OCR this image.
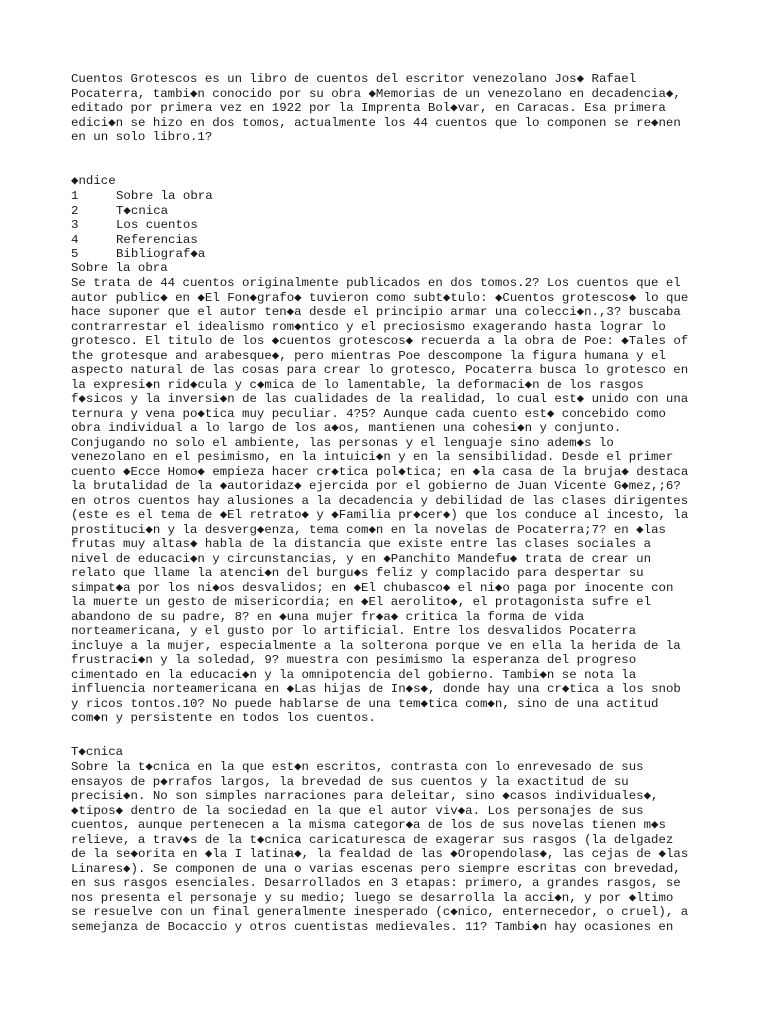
Cuentos Grotescos es un libro de cuentos del escritor venezolano Jos◆ Rafael
Pocaterra, tambi◆n conocido por su obra ◆Memorias de un venezolano en decadencia◆,
editado por primera vez en 1922 por la Imprenta Bol◆var, en Caracas. Esa primera
edici◆n se hizo en dos tomos, actualmente los 44 cuentos que lo componen se re◆nen
en un solo libro.1?

◆ndice

1	Sobre la obra
2	T◆cnica
3	Los cuentos
4	Referencias
5	Bibliograf◆a

Sobre la obra

Se trata de 44 cuentos originalmente publicados en dos tomos.2? Los cuentos que el
autor public◆ en ◆El Fon◆grafo◆ tuvieron como subt◆tulo: ◆Cuentos grotescos◆ lo que
hace suponer que el autor ten◆a desde el principio armar una colecci◆n.,3? buscaba
contrarrestar el idealismo rom◆ntico y el preciosismo exagerando hasta lograr lo
grotesco. El titulo de los ◆cuentos grotescos◆ recuerda a la obra de Poe: ◆Tales of
the grotesque and arabesque◆, pero mientras Poe descompone la figura humana y el
aspecto natural de las cosas para crear lo grotesco, Pocaterra busca lo grotesco en
la expresi◆n rid◆cula y c◆mica de lo lamentable, la deformaci◆n de los rasgos
f◆sicos y la inversi◆n de las cualidades de la realidad, lo cual est◆ unido con una
ternura y vena po◆tica muy peculiar. 4?5? Aunque cada cuento est◆ concebido como
obra individual a lo largo de los a◆os, mantienen una cohesi◆n y conjunto.
Conjugando no solo el ambiente, las personas y el lenguaje sino adem◆s lo
venezolano en el pesimismo, en la intuici◆n y en la sensibilidad. Desde el primer
cuento ◆Ecce Homo◆ empieza hacer cr◆tica pol◆tica; en ◆la casa de la bruja◆ destaca
la brutalidad de la ◆autoridaz◆ ejercida por el gobierno de Juan Vicente G◆mez,;6?
en otros cuentos hay alusiones a la decadencia y debilidad de las clases dirigentes
(este es el tema de ◆El retrato◆ y ◆Familia pr◆cer◆) que los conduce al incesto, la
prostituci◆n y la desverg◆enza, tema com◆n en la novelas de Pocaterra;7? en ◆las
frutas muy altas◆ habla de la distancia que existe entre las clases sociales a
nivel de educaci◆n y circunstancias, y en ◆Panchito Mandefu◆ trata de crear un
relato que llame la atenci◆n del burgu◆s feliz y complacido para despertar su
simpat◆a por los ni◆os desvalidos; en ◆El chubasco◆ el ni◆o paga por inocente con
la muerte un gesto de misericordia; en ◆El aerolito◆, el protagonista sufre el
abandono de su padre, 8? en ◆una mujer fr◆a◆ critica la forma de vida
norteamericana, y el gusto por lo artificial. Entre los desvalidos Pocaterra
incluye a la mujer, especialmente a la solterona porque ve en ella la herida de la
frustraci◆n y la soledad, 9? muestra con pesimismo la esperanza del progreso
cimentado en la educaci◆n y la omnipotencia del gobierno. Tambi◆n se nota la
influencia norteamericana en ◆Las hijas de In◆s◆, donde hay una cr◆tica a los snob
y ricos tontos.10? No puede hablarse de una tem◆tica com◆n, sino de una actitud
com◆n y persistente en todos los cuentos.

T◆cnica

Sobre la t◆cnica en la que est◆n escritos, contrasta con lo enrevesado de sus
ensayos de p◆rrafos largos, la brevedad de sus cuentos y la exactitud de su
precisi◆n. No son simples narraciones para deleitar, sino ◆casos individuales◆,
◆tipos◆ dentro de la sociedad en la que el autor viv◆a. Los personajes de sus
cuentos, aunque pertenecen a la misma categor◆a de los de sus novelas tienen m◆s
relieve, a trav◆s de la t◆cnica caricaturesca de exagerar sus rasgos (la delgadez
de la se◆orita en ◆la I latina◆, la fealdad de las ◆Oropendolas◆, las cejas de ◆las
Linares◆). Se componen de una o varias escenas pero siempre escritas con brevedad,
en sus rasgos esenciales. Desarrollados en 3 etapas: primero, a grandes rasgos, se
nos presenta el personaje y su medio; luego se desarrolla la acci◆n, y por ◆ltimo
se resuelve con un final generalmente inesperado (c◆nico, enternecedor, o cruel), a
semejanza de Bocaccio y otros cuentistas medievales. 11? Tambi◆n hay ocasiones en
